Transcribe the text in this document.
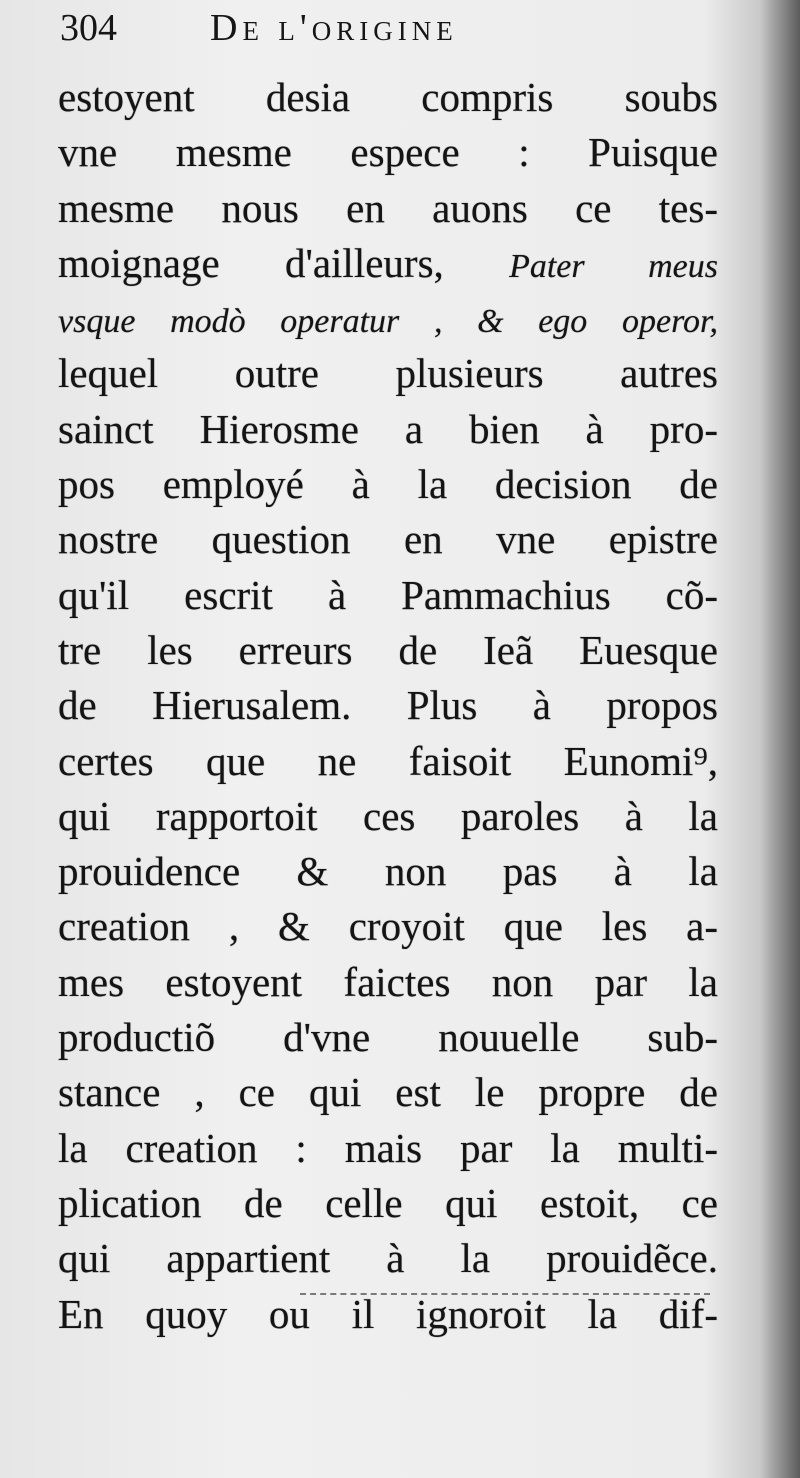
304	De l'origine
estoyent desia compris soubs
vne mesme espece : Puisque
mesme nous en auons ce tes-
moignage d'ailleurs, Pater meus
vsque modò operatur , & ego operor,
lequel outre plusieurs autres
sainct Hierosme a bien à pro-
pos employé à la decision de
nostre question en vne epistre
qu'il escrit à Pammachius cõ-
tre les erreurs de Ieã Euesque
de Hierusalem. Plus à propos
certes que ne faisoit Eunomi⁹,
qui rapportoit ces paroles à la
prouidence & non pas à la
creation , & croyoit que les a-
mes estoyent faictes non par la
productiõ d'vne nouuelle sub-
stance , ce qui est le propre de
la creation : mais par la multi-
plication de celle qui estoit, ce
qui appartient à la prouidẽce.
En quoy ou il ignoroit la dif-
